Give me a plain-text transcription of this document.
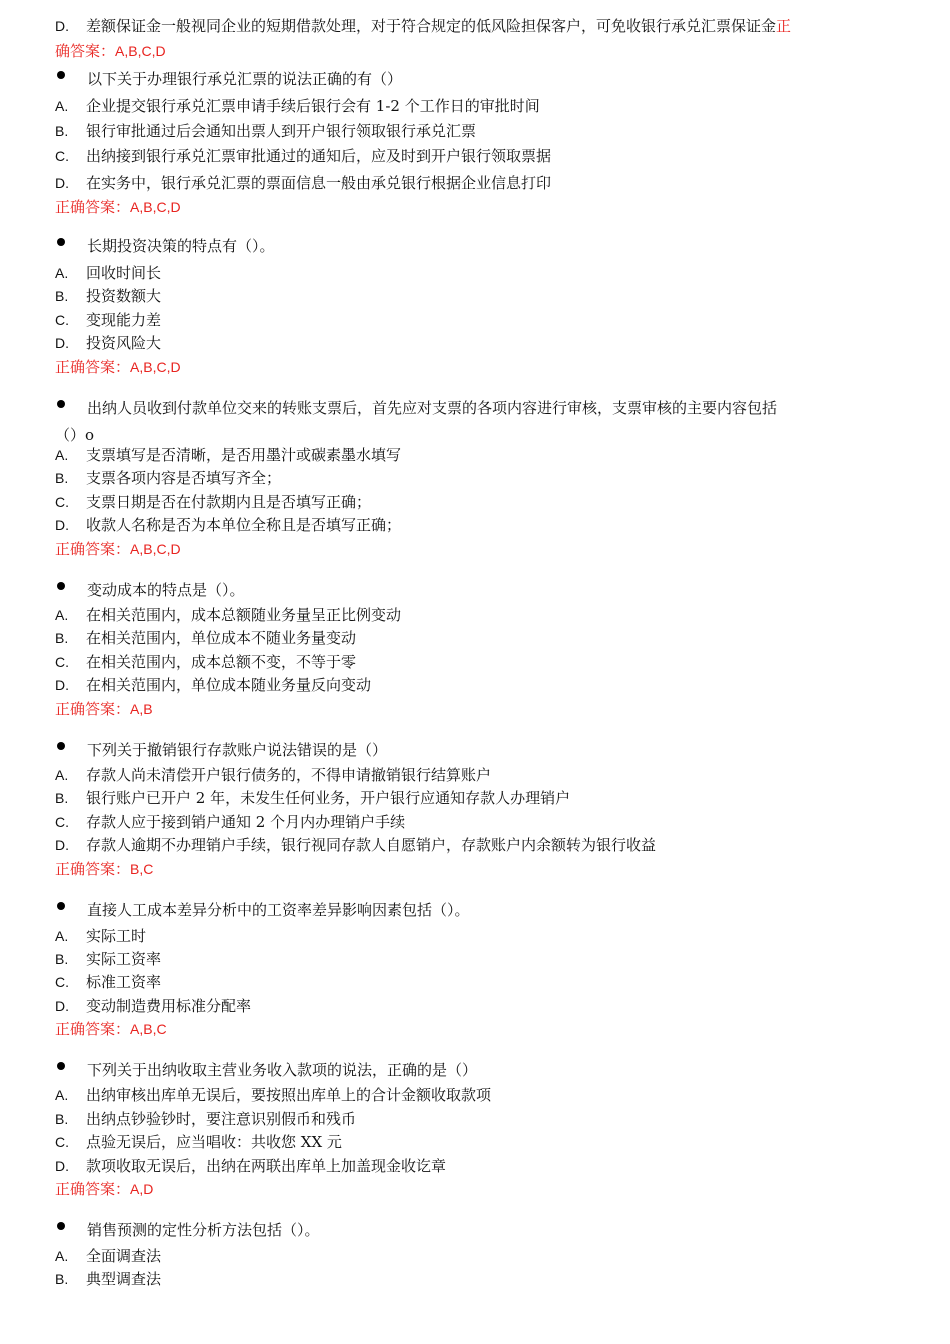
D. 差额保证金一般视同企业的短期借款处理，对于符合规定的低风险担保客户，可免收银行承兑汇票保证金正
确答案：A,B,C,D
以下关于办理银行承兑汇票的说法正确的有（）
A. 企业提交银行承兑汇票申请手续后银行会有 1-2 个工作日的审批时间
B. 银行审批通过后会通知出票人到开户银行领取银行承兑汇票
C. 出纳接到银行承兑汇票审批通过的通知后，应及时到开户银行领取票据
D. 在实务中，银行承兑汇票的票面信息一般由承兑银行根据企业信息打印
正确答案：A,B,C,D
长期投资决策的特点有（）。
A. 回收时间长
B. 投资数额大
C. 变现能力差
D. 投资风险大
正确答案：A,B,C,D
出纳人员收到付款单位交来的转账支票后，首先应对支票的各项内容进行审核，支票审核的主要内容包括
（）o
A. 支票填写是否清晰，是否用墨汁或碳素墨水填写
B. 支票各项内容是否填写齐全；
C. 支票日期是否在付款期内且是否填写正确；
D. 收款人名称是否为本单位全称且是否填写正确；
正确答案：A,B,C,D
变动成本的特点是（）。
A. 在相关范围内，成本总额随业务量呈正比例变动
B. 在相关范围内，单位成本不随业务量变动
C. 在相关范围内，成本总额不变，不等于零
D. 在相关范围内，单位成本随业务量反向变动
正确答案：A,B
下列关于撤销银行存款账户说法错误的是（）
A. 存款人尚未清偿开户银行债务的，不得申请撤销银行结算账户
B. 银行账户已开户 2 年，未发生任何业务，开户银行应通知存款人办理销户
C. 存款人应于接到销户通知 2 个月内办理销户手续
D. 存款人逾期不办理销户手续，银行视同存款人自愿销户，存款账户内余额转为银行收益
正确答案：B,C
直接人工成本差异分析中的工资率差异影响因素包括（）。
A. 实际工时
B. 实际工资率
C. 标准工资率
D. 变动制造费用标准分配率
正确答案：A,B,C
下列关于出纳收取主营业务收入款项的说法，正确的是（）
A. 出纳审核出库单无误后，要按照出库单上的合计金额收取款项
B. 出纳点钞验钞时，要注意识别假币和残币
C. 点验无误后，应当唱收：共收您 XX 元
D. 款项收取无误后，出纳在两联出库单上加盖现金收讫章
正确答案：A,D
销售预测的定性分析方法包括（）。
A. 全面调查法
B. 典型调查法
